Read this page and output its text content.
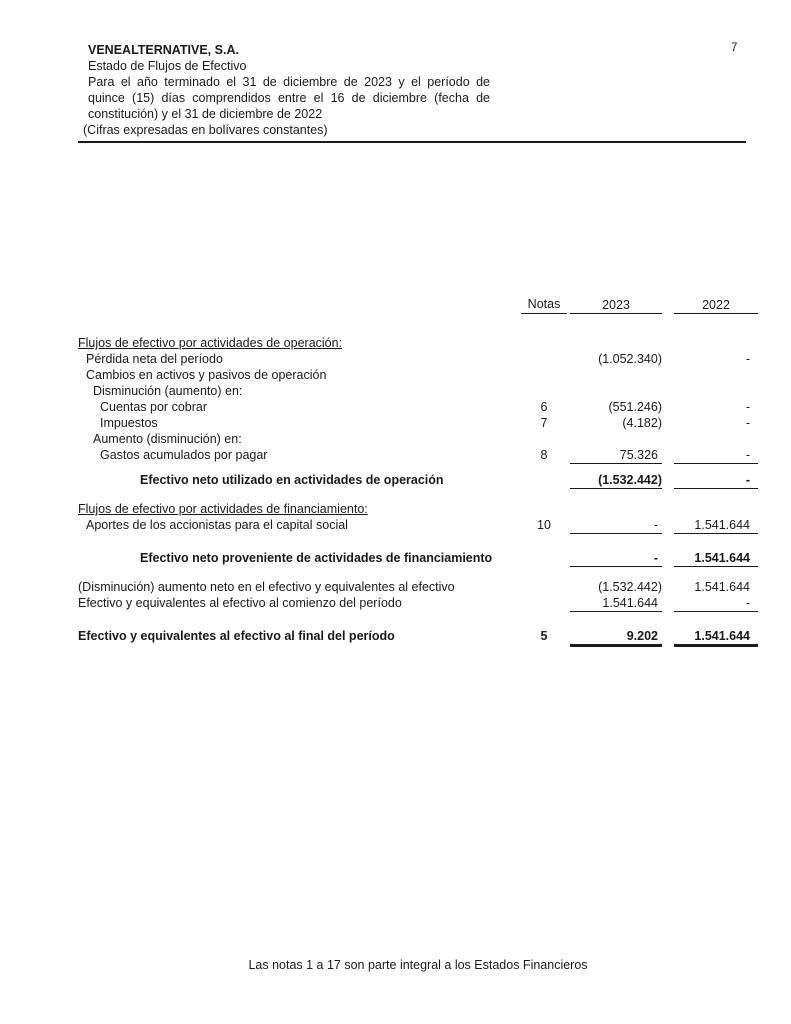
7
VENEALTERNATIVE, S.A.
Estado de Flujos de Efectivo
Para el año terminado el 31 de diciembre de 2023 y el período de
quince (15) días comprendidos entre el 16 de diciembre (fecha de
constitución) y el 31 de diciembre de 2022
(Cifras expresadas en bolívares constantes)
Notas	2023	2022
Flujos de efectivo por actividades de operación:
Pérdida neta del período	(1.052.340)	-
Cambios en activos y pasivos de operación
Disminución (aumento) en:
Cuentas por cobrar	6	(551.246)	-
Impuestos	7	(4.182)	-
Aumento (disminución) en:
Gastos acumulados por pagar	8	75.326	-
Efectivo neto utilizado en actividades de operación	(1.532.442)	-
Flujos de efectivo por actividades de financiamiento:
Aportes de los accionistas para el capital social	10	-	1.541.644
Efectivo neto proveniente de actividades de financiamiento	-	1.541.644
(Disminución) aumento neto en el efectivo y equivalentes al efectivo	(1.532.442)	1.541.644
Efectivo y equivalentes al efectivo al comienzo del período	1.541.644	-
Efectivo y equivalentes al efectivo al final del período	5	9.202	1.541.644
Las notas 1 a 17 son parte integral a los Estados Financieros
